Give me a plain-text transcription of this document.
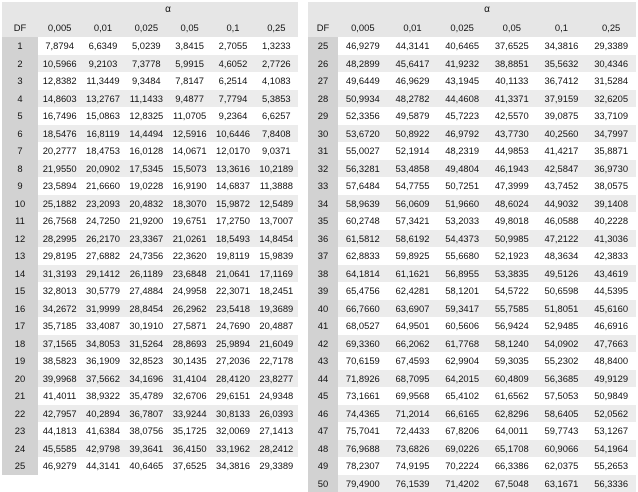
	α					
DF	0,005	0,01	0,025	0,05	0,1	0,25
1	7,8794	6,6349	5,0239	3,8415	2,7055	1,3233
2	10,5966	9,2103	7,3778	5,9915	4,6052	2,7726
3	12,8382	11,3449	9,3484	7,8147	6,2514	4,1083
4	14,8603	13,2767	11,1433	9,4877	7,7794	5,3853
5	16,7496	15,0863	12,8325	11,0705	9,2364	6,6257
6	18,5476	16,8119	14,4494	12,5916	10,6446	7,8408
7	20,2777	18,4753	16,0128	14,0671	12,0170	9,0371
8	21,9550	20,0902	17,5345	15,5073	13,3616	10,2189
9	23,5894	21,6660	19,0228	16,9190	14,6837	11,3888
10	25,1882	23,2093	20,4832	18,3070	15,9872	12,5489
11	26,7568	24,7250	21,9200	19,6751	17,2750	13,7007
12	28,2995	26,2170	23,3367	21,0261	18,5493	14,8454
13	29,8195	27,6882	24,7356	22,3620	19,8119	15,9839
14	31,3193	29,1412	26,1189	23,6848	21,0641	17,1169
15	32,8013	30,5779	27,4884	24,9958	22,3071	18,2451
16	34,2672	31,9999	28,8454	26,2962	23,5418	19,3689
17	35,7185	33,4087	30,1910	27,5871	24,7690	20,4887
18	37,1565	34,8053	31,5264	28,8693	25,9894	21,6049
19	38,5823	36,1909	32,8523	30,1435	27,2036	22,7178
20	39,9968	37,5662	34,1696	31,4104	28,4120	23,8277
21	41,4011	38,9322	35,4789	32,6706	29,6151	24,9348
22	42,7957	40,2894	36,7807	33,9244	30,8133	26,0393
23	44,1813	41,6384	38,0756	35,1725	32,0069	27,1413
24	45,5585	42,9798	39,3641	36,4150	33,1962	28,2412
25	46,9279	44,3141	40,6465	37,6525	34,3816	29,3389
	α					
DF	0,005	0,01	0,025	0,05	0,1	0,25
25	46,9279	44,3141	40,6465	37,6525	34,3816	29,3389
26	48,2899	45,6417	41,9232	38,8851	35,5632	30,4346
27	49,6449	46,9629	43,1945	40,1133	36,7412	31,5284
28	50,9934	48,2782	44,4608	41,3371	37,9159	32,6205
29	52,3356	49,5879	45,7223	42,5570	39,0875	33,7109
30	53,6720	50,8922	46,9792	43,7730	40,2560	34,7997
31	55,0027	52,1914	48,2319	44,9853	41,4217	35,8871
32	56,3281	53,4858	49,4804	46,1943	42,5847	36,9730
33	57,6484	54,7755	50,7251	47,3999	43,7452	38,0575
34	58,9639	56,0609	51,9660	48,6024	44,9032	39,1408
35	60,2748	57,3421	53,2033	49,8018	46,0588	40,2228
36	61,5812	58,6192	54,4373	50,9985	47,2122	41,3036
37	62,8833	59,8925	55,6680	52,1923	48,3634	42,3833
38	64,1814	61,1621	56,8955	53,3835	49,5126	43,4619
39	65,4756	62,4281	58,1201	54,5722	50,6598	44,5395
40	66,7660	63,6907	59,3417	55,7585	51,8051	45,6160
41	68,0527	64,9501	60,5606	56,9424	52,9485	46,6916
42	69,3360	66,2062	61,7768	58,1240	54,0902	47,7663
43	70,6159	67,4593	62,9904	59,3035	55,2302	48,8400
44	71,8926	68,7095	64,2015	60,4809	56,3685	49,9129
45	73,1661	69,9568	65,4102	61,6562	57,5053	50,9849
46	74,4365	71,2014	66,6165	62,8296	58,6405	52,0562
47	75,7041	72,4433	67,8206	64,0011	59,7743	53,1267
48	76,9688	73,6826	69,0226	65,1708	60,9066	54,1964
49	78,2307	74,9195	70,2224	66,3386	62,0375	55,2653
50	79,4900	76,1539	71,4202	67,5048	63,1671	56,3336
